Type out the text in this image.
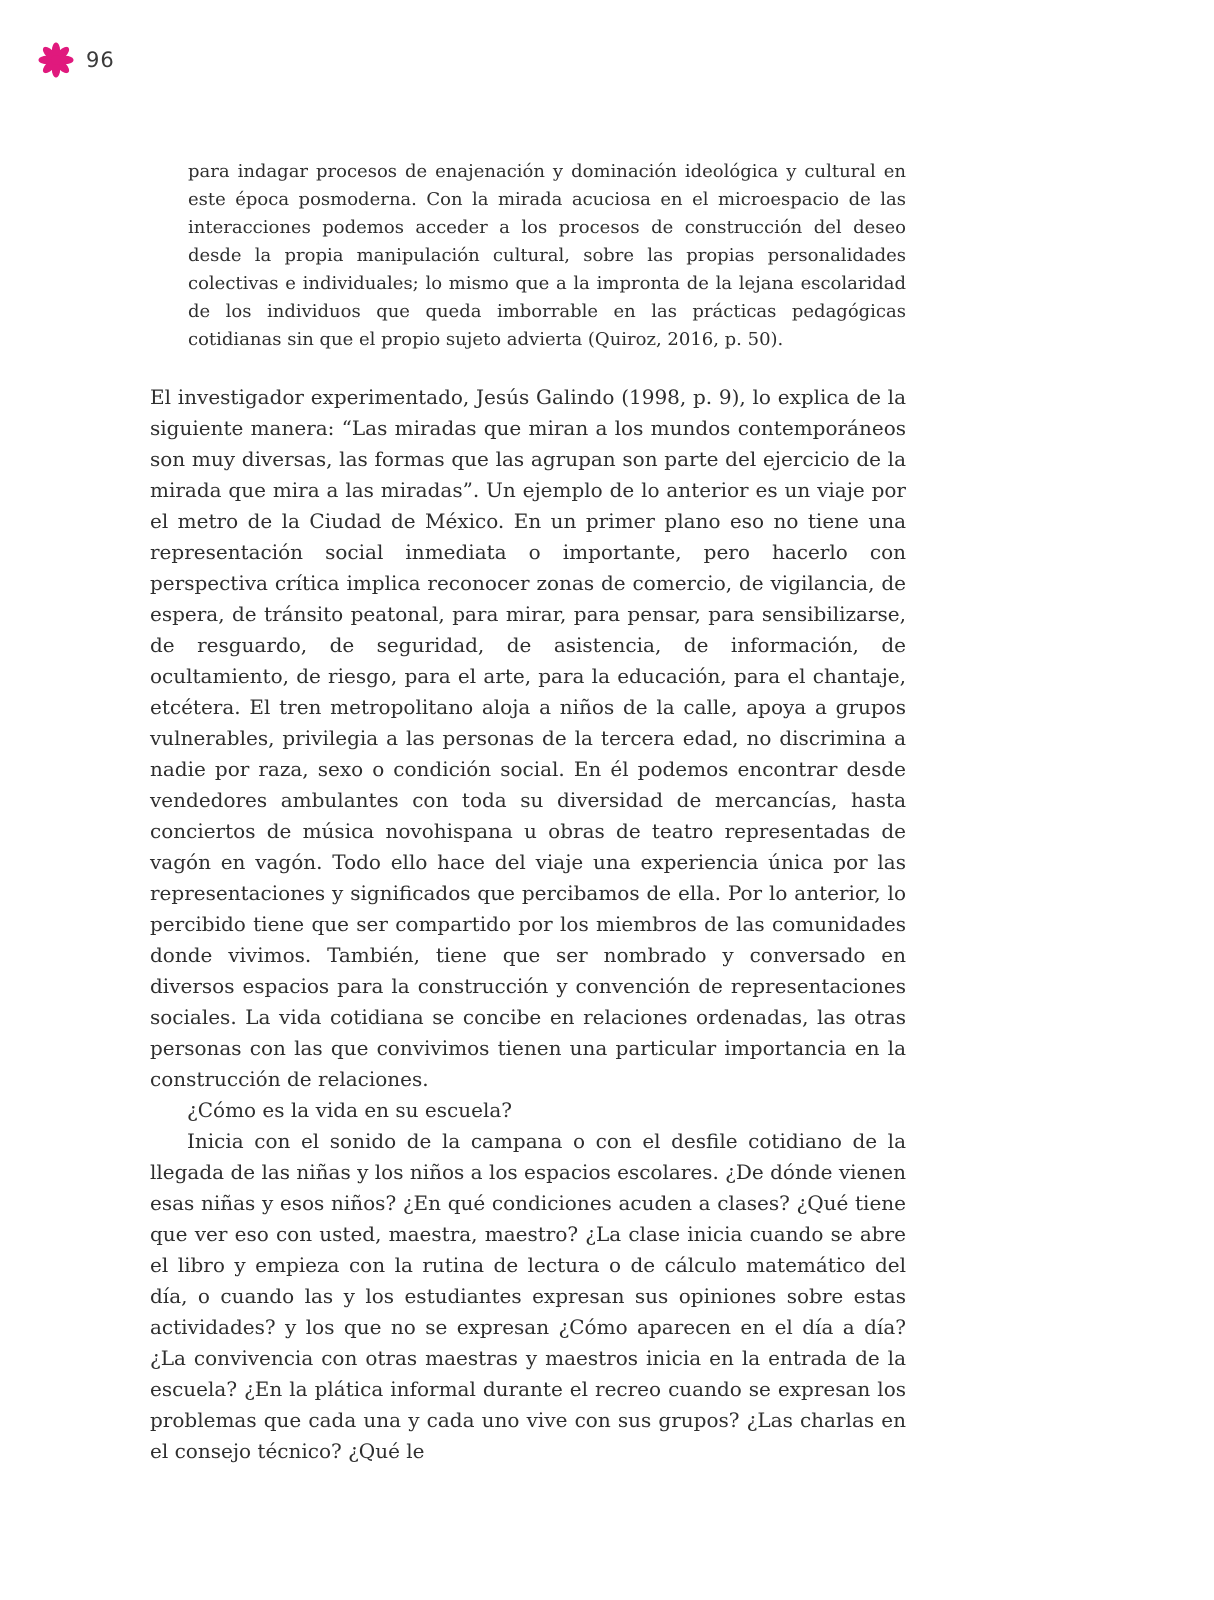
96
para indagar procesos de enajenación y dominación ideológica y cultural en este época posmoderna. Con la mirada acuciosa en el microespacio de las interacciones podemos acceder a los procesos de construcción del deseo desde la propia manipulación cultural, sobre las propias personalidades colectivas e individuales; lo mismo que a la impronta de la lejana escolaridad de los individuos que queda imborrable en las prácticas pedagógicas cotidianas sin que el propio sujeto advierta (Quiroz, 2016, p. 50).

El investigador experimentado, Jesús Galindo (1998, p. 9), lo explica de la siguiente manera: “Las miradas que miran a los mundos contemporáneos son muy diversas, las formas que las agrupan son parte del ejercicio de la mirada que mira a las miradas”. Un ejemplo de lo anterior es un viaje por el metro de la Ciudad de México. En un primer plano eso no tiene una representación social inmediata o importante, pero hacerlo con perspectiva crítica implica reconocer zonas de comercio, de vigilancia, de espera, de tránsito peatonal, para mirar, para pensar, para sensibilizarse, de resguardo, de seguridad, de asistencia, de información, de ocultamiento, de riesgo, para el arte, para la educación, para el chantaje, etcétera. El tren metropolitano aloja a niños de la calle, apoya a grupos vulnerables, privilegia a las personas de la tercera edad, no discrimina a nadie por raza, sexo o condición social. En él podemos encontrar desde vendedores ambulantes con toda su diversidad de mercancías, hasta conciertos de música novohispana u obras de teatro representadas de vagón en vagón. Todo ello hace del viaje una experiencia única por las representaciones y significados que percibamos de ella. Por lo anterior, lo percibido tiene que ser compartido por los miembros de las comunidades donde vivimos. También, tiene que ser nombrado y conversado en diversos espacios para la construcción y convención de representaciones sociales. La vida cotidiana se concibe en relaciones ordenadas, las otras personas con las que convivimos tienen una particular importancia en la construcción de relaciones.

¿Cómo es la vida en su escuela?

Inicia con el sonido de la campana o con el desfile cotidiano de la llegada de las niñas y los niños a los espacios escolares. ¿De dónde vienen esas niñas y esos niños? ¿En qué condiciones acuden a clases? ¿Qué tiene que ver eso con usted, maestra, maestro? ¿La clase inicia cuando se abre el libro y empieza con la rutina de lectura o de cálculo matemático del día, o cuando las y los estudiantes expresan sus opiniones sobre estas actividades? y los que no se expresan ¿Cómo aparecen en el día a día? ¿La convivencia con otras maestras y maestros inicia en la entrada de la escuela? ¿En la plática informal durante el recreo cuando se expresan los problemas que cada una y cada uno vive con sus grupos? ¿Las charlas en el consejo técnico? ¿Qué le
